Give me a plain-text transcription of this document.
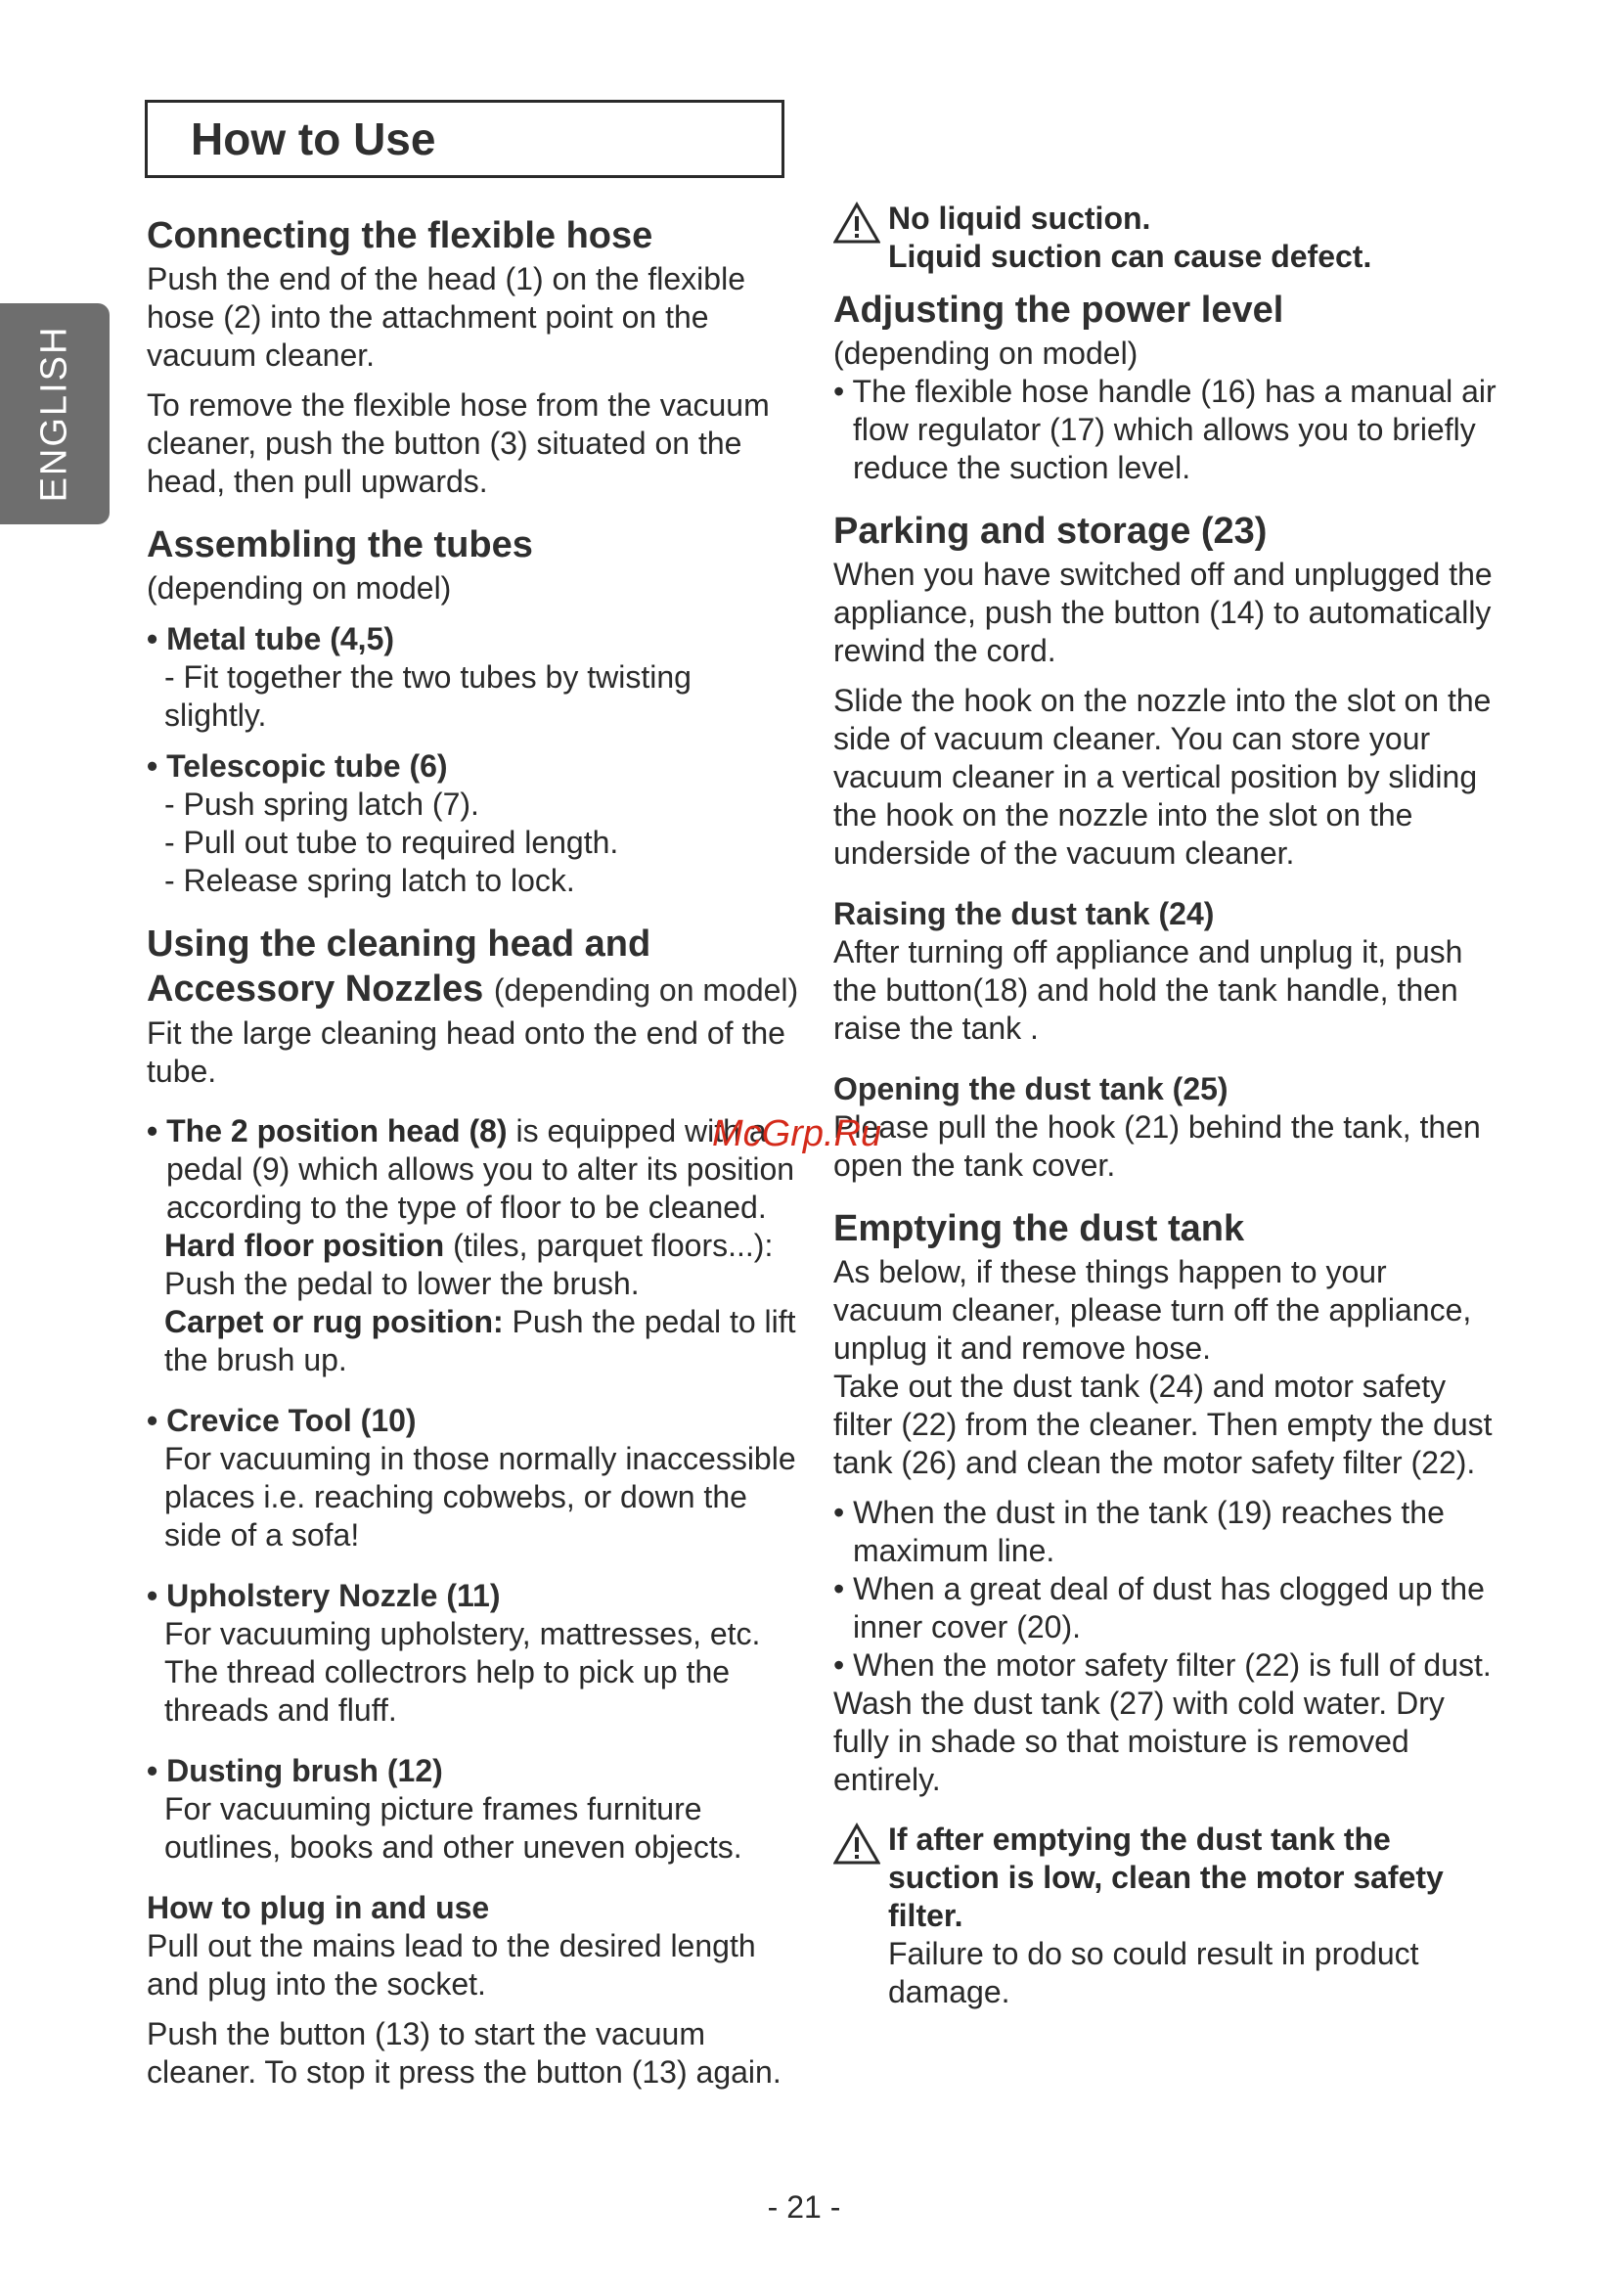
ENGLISH
How to Use
Connecting the flexible hose

Push the end of the head (1) on the flexible hose (2) into the attachment point on the vacuum cleaner.

To remove the flexible hose from the vacuum cleaner, push the button (3) situated on the head, then pull upwards.

Assembling the tubes

(depending on model)

• Metal tube (4,5)

- Fit together the two tubes by twisting slightly.

• Telescopic tube (6)

- Push spring latch (7).

- Pull out tube to required length.

- Release spring latch to lock.

Using the cleaning head and Accessory Nozzles (depending on model)

Fit the large cleaning head onto the end of the tube.

• The 2 position head (8) is equipped with a pedal (9) which allows you to alter its position according to the type of floor to be cleaned.

Hard floor position (tiles, parquet floors...): Push the pedal to lower the brush.

Carpet or rug position: Push the pedal to lift the brush up.

• Crevice Tool (10)

For vacuuming in those normally inaccessible places i.e. reaching cobwebs, or down the side of a sofa!

• Upholstery Nozzle (11)

For vacuuming upholstery, mattresses, etc. The thread collectrors help to pick up the threads and fluff.

• Dusting brush (12)

For vacuuming picture frames furniture outlines, books and other uneven objects.

How to plug in and use

Pull out the mains lead to the desired length and plug into the socket.

Push the button (13) to start the vacuum cleaner. To stop it press the button (13) again.

No liquid suction.

Liquid suction can cause defect.

Adjusting the power level

(depending on model)

• The flexible hose handle (16) has a manual air flow regulator (17) which allows you to briefly reduce the suction level.

Parking and storage (23)

When you have switched off and unplugged the appliance, push the button (14) to automatically rewind the cord.

Slide the hook on the nozzle into the slot on the side of vacuum cleaner. You can store your vacuum cleaner in a vertical position by sliding the hook on the nozzle into the slot on the underside of the vacuum cleaner.

Raising the dust tank (24)

After turning off appliance and unplug it, push the button(18) and hold the tank handle, then raise the tank .

Opening the dust tank (25)

Please pull the hook (21) behind the tank, then open the tank cover.

Emptying the dust tank

As below, if these things happen to your vacuum cleaner, please turn off the appliance, unplug it and remove hose.

Take out the dust tank (24) and motor safety filter (22) from the cleaner. Then empty the dust tank (26) and clean the motor safety filter (22).

• When the dust in the tank (19) reaches the maximum line.

• When a great deal of dust has clogged up the inner cover (20).

• When the motor safety filter (22) is full of dust.

Wash the dust tank (27) with cold water. Dry fully in shade so that moisture is removed entirely.

If after emptying the dust tank the suction is low, clean the motor safety filter.

Failure to do so could result in product damage.

McGrp.Ru
- 21 -
